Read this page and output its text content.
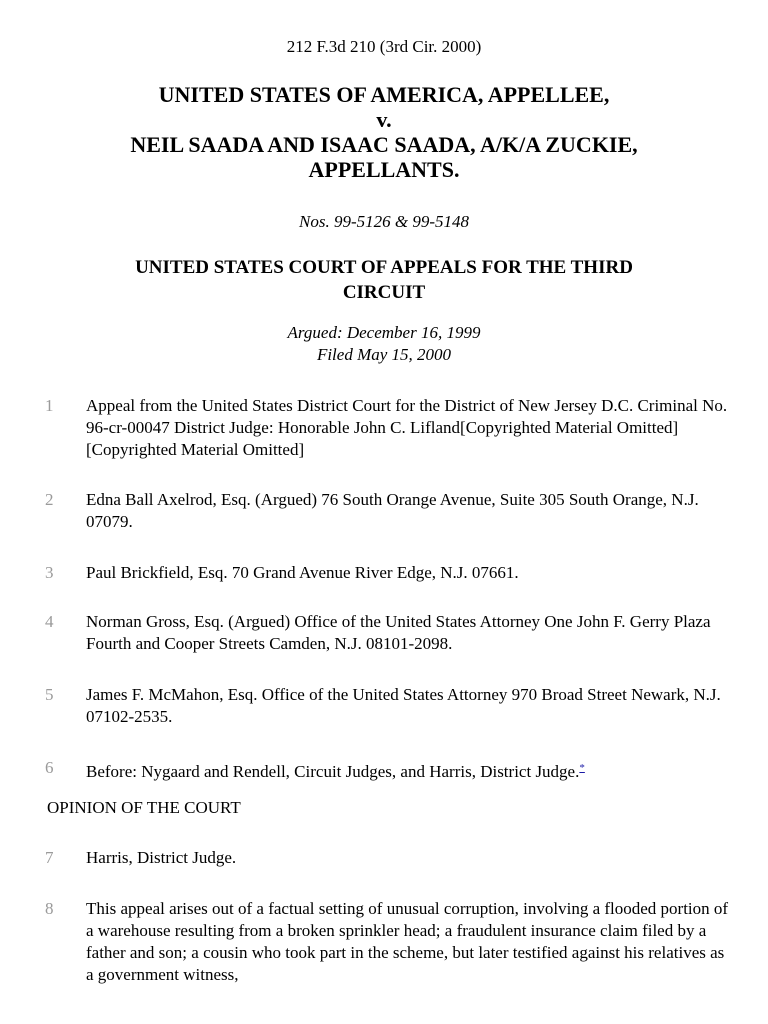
212 F.3d 210 (3rd Cir. 2000)
UNITED STATES OF AMERICA, APPELLEE,
v.
NEIL SAADA AND ISAAC SAADA, A/K/A ZUCKIE,
APPELLANTS.
Nos. 99-5126 & 99-5148
UNITED STATES COURT OF APPEALS FOR THE THIRD
CIRCUIT
Argued: December 16, 1999
Filed May 15, 2000
1	Appeal from the United States District Court for the District of New Jersey D.C. Criminal No. 96-cr-00047 District Judge: Honorable John C. Lifland[Copyrighted Material Omitted][Copyrighted Material Omitted]
2	Edna Ball Axelrod, Esq. (Argued) 76 South Orange Avenue, Suite 305 South Orange, N.J. 07079.
3	Paul Brickfield, Esq. 70 Grand Avenue River Edge, N.J. 07661.
4	Norman Gross, Esq. (Argued) Office of the United States Attorney One John F. Gerry Plaza Fourth and Cooper Streets Camden, N.J. 08101-2098.
5	James F. McMahon, Esq. Office of the United States Attorney 970 Broad Street Newark, N.J. 07102-2535.
6	Before: Nygaard and Rendell, Circuit Judges, and Harris, District Judge.*
OPINION OF THE COURT
7	Harris, District Judge.
8	This appeal arises out of a factual setting of unusual corruption, involving a flooded portion of a warehouse resulting from a broken sprinkler head; a fraudulent insurance claim filed by a father and son; a cousin who took part in the scheme, but later testified against his relatives as a government witness,
